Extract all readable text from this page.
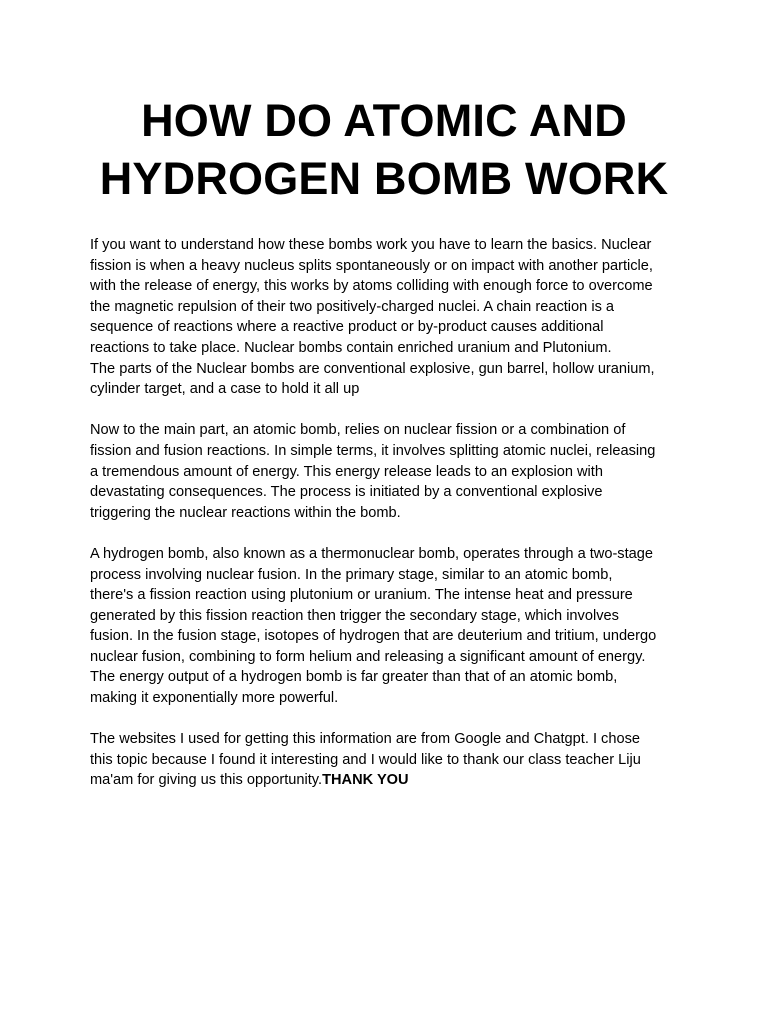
HOW DO ATOMIC AND
HYDROGEN BOMB WORK

If you want to understand how these bombs work you have to learn the basics. Nuclear
fission is when a heavy nucleus splits spontaneously or on impact with another particle,
with the release of energy, this works by atoms colliding with enough force to overcome
the magnetic repulsion of their two positively-charged nuclei. A chain reaction is a
sequence of reactions where a reactive product or by-product causes additional
reactions to take place. Nuclear bombs contain enriched uranium and Plutonium.
The parts of the Nuclear bombs are conventional explosive, gun barrel, hollow uranium,
cylinder target, and a case to hold it all up

Now to the main part, an atomic bomb, relies on nuclear fission or a combination of
fission and fusion reactions. In simple terms, it involves splitting atomic nuclei, releasing
a tremendous amount of energy. This energy release leads to an explosion with
devastating consequences. The process is initiated by a conventional explosive
triggering the nuclear reactions within the bomb.

A hydrogen bomb, also known as a thermonuclear bomb, operates through a two-stage
process involving nuclear fusion. In the primary stage, similar to an atomic bomb,
there's a fission reaction using plutonium or uranium. The intense heat and pressure
generated by this fission reaction then trigger the secondary stage, which involves
fusion. In the fusion stage, isotopes of hydrogen that are deuterium and tritium, undergo
nuclear fusion, combining to form helium and releasing a significant amount of energy.
The energy output of a hydrogen bomb is far greater than that of an atomic bomb,
making it exponentially more powerful.

The websites I used for getting this information are from Google and Chatgpt. I chose
this topic because I found it interesting and I would like to thank our class teacher Liju
ma'am for giving us this opportunity.THANK YOU
